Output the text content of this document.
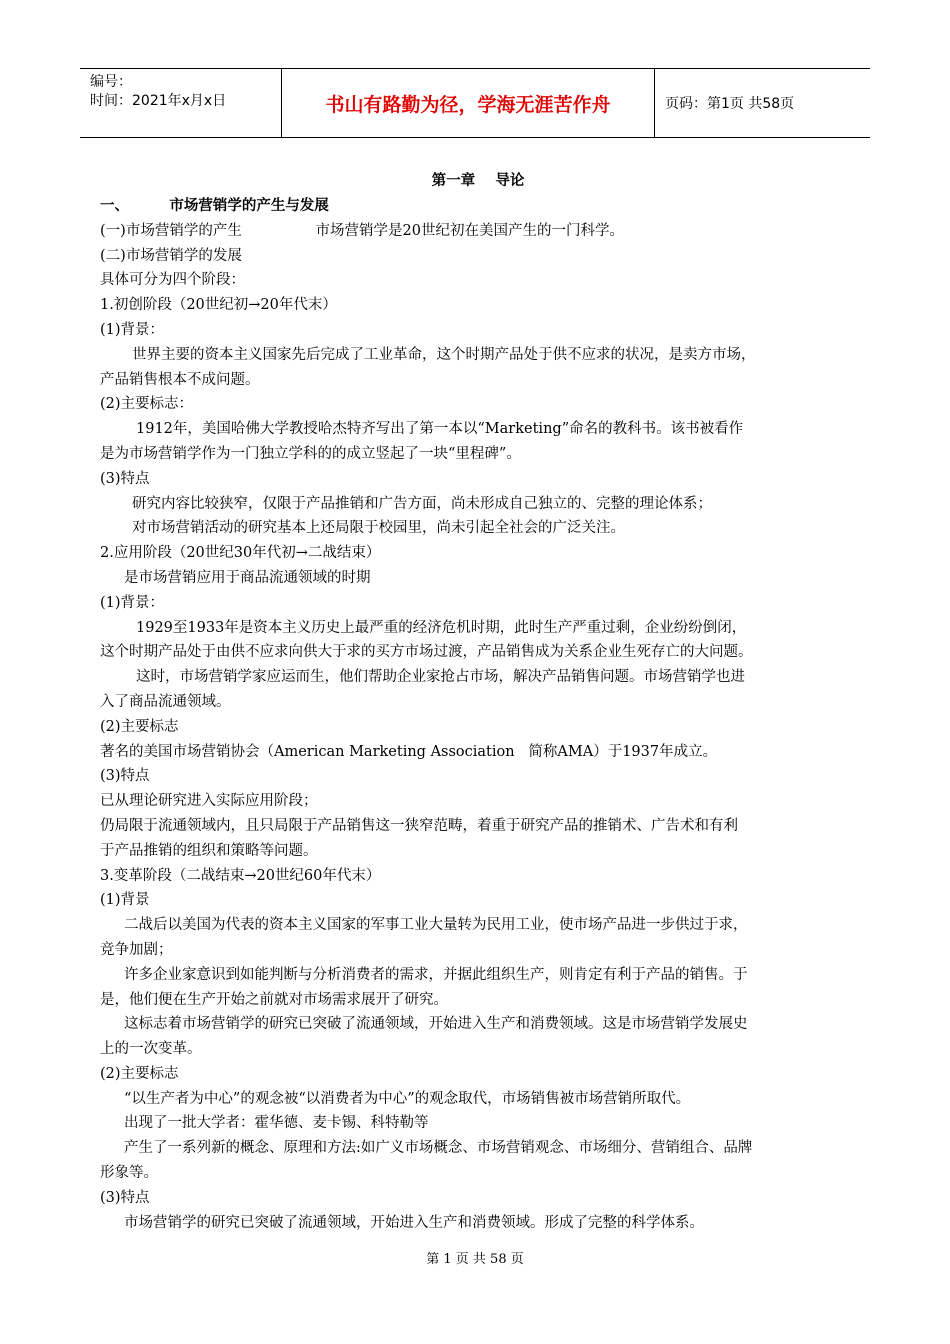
编号：
时间：2021年x月x日	书山有路勤为径，学海无涯苦作舟	页码：第1页 共58页
第一章    导论
一、        市场营销学的产生与发展
(一)市场营销学的产生                市场营销学是20世纪初在美国产生的一门科学。
(二)市场营销学的发展
具体可分为四个阶段：
1.初创阶段（20世纪初→20年代末）
(1)背景：
世界主要的资本主义国家先后完成了工业革命，这个时期产品处于供不应求的状况，是卖方市场，
产品销售根本不成问题。
(2)主要标志：
1912年，美国哈佛大学教授哈杰特齐写出了第一本以“Marketing”命名的教科书。该书被看作
是为市场营销学作为一门独立学科的的成立竖起了一块“里程碑”。
(3)特点
研究内容比较狭窄，仅限于产品推销和广告方面，尚未形成自己独立的、完整的理论体系；
对市场营销活动的研究基本上还局限于校园里，尚未引起全社会的广泛关注。
2.应用阶段（20世纪30年代初→二战结束）
是市场营销应用于商品流通领域的时期
(1)背景：
1929至1933年是资本主义历史上最严重的经济危机时期，此时生产严重过剩，企业纷纷倒闭，
这个时期产品处于由供不应求向供大于求的买方市场过渡，产品销售成为关系企业生死存亡的大问题。
这时，市场营销学家应运而生，他们帮助企业家抢占市场，解决产品销售问题。市场营销学也进
入了商品流通领域。
(2)主要标志
著名的美国市场营销协会（American Marketing Association   简称AMA）于1937年成立。
(3)特点
已从理论研究进入实际应用阶段；
仍局限于流通领域内，且只局限于产品销售这一狭窄范畴，着重于研究产品的推销术、广告术和有利
于产品推销的组织和策略等问题。
3.变革阶段（二战结束→20世纪60年代末）
(1)背景
二战后以美国为代表的资本主义国家的军事工业大量转为民用工业，使市场产品进一步供过于求，
竞争加剧；
许多企业家意识到如能判断与分析消费者的需求，并据此组织生产，则肯定有利于产品的销售。于
是，他们便在生产开始之前就对市场需求展开了研究。
这标志着市场营销学的研究已突破了流通领域，开始进入生产和消费领域。这是市场营销学发展史
上的一次变革。
(2)主要标志
“以生产者为中心”的观念被“以消费者为中心”的观念取代，市场销售被市场营销所取代。
出现了一批大学者：霍华德、麦卡锡、科特勒等
产生了一系列新的概念、原理和方法:如广义市场概念、市场营销观念、市场细分、营销组合、品牌
形象等。
(3)特点
市场营销学的研究已突破了流通领域，开始进入生产和消费领域。形成了完整的科学体系。
第 1 页 共 58 页
